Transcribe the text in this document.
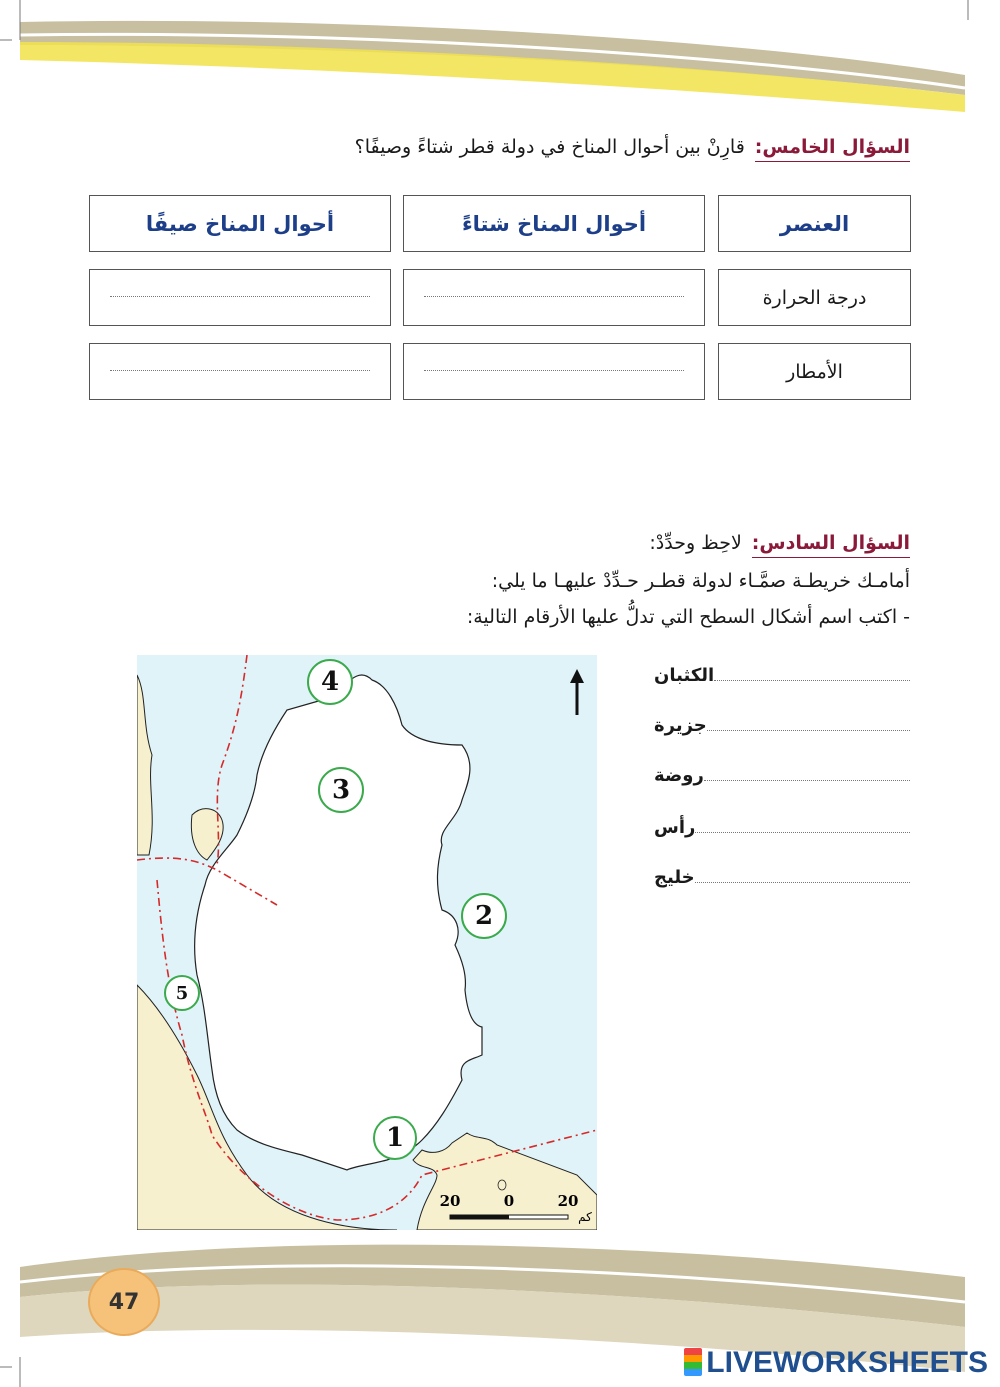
السؤال الخامس:
قارِنْ بين أحوال المناخ في دولة قطر شتاءً وصيفًا؟
العنصر
أحوال المناخ شتاءً
أحوال المناخ صيفًا
درجة الحرارة
الأمطار
السؤال السادس:
لاحِظ وحدِّدْ:
أمامـك خريطـة صمَّـاء لدولة قطـر حـدِّدْ عليهـا ما يلي:
- اكتب اسم أشكال السطح التي تدلُّ عليها الأرقام التالية:
الكثبان
جزيرة
روضة
رأس
خليج
20	0	20
كم
1
2
3
4
5
47
LIVEWORKSHEETS
